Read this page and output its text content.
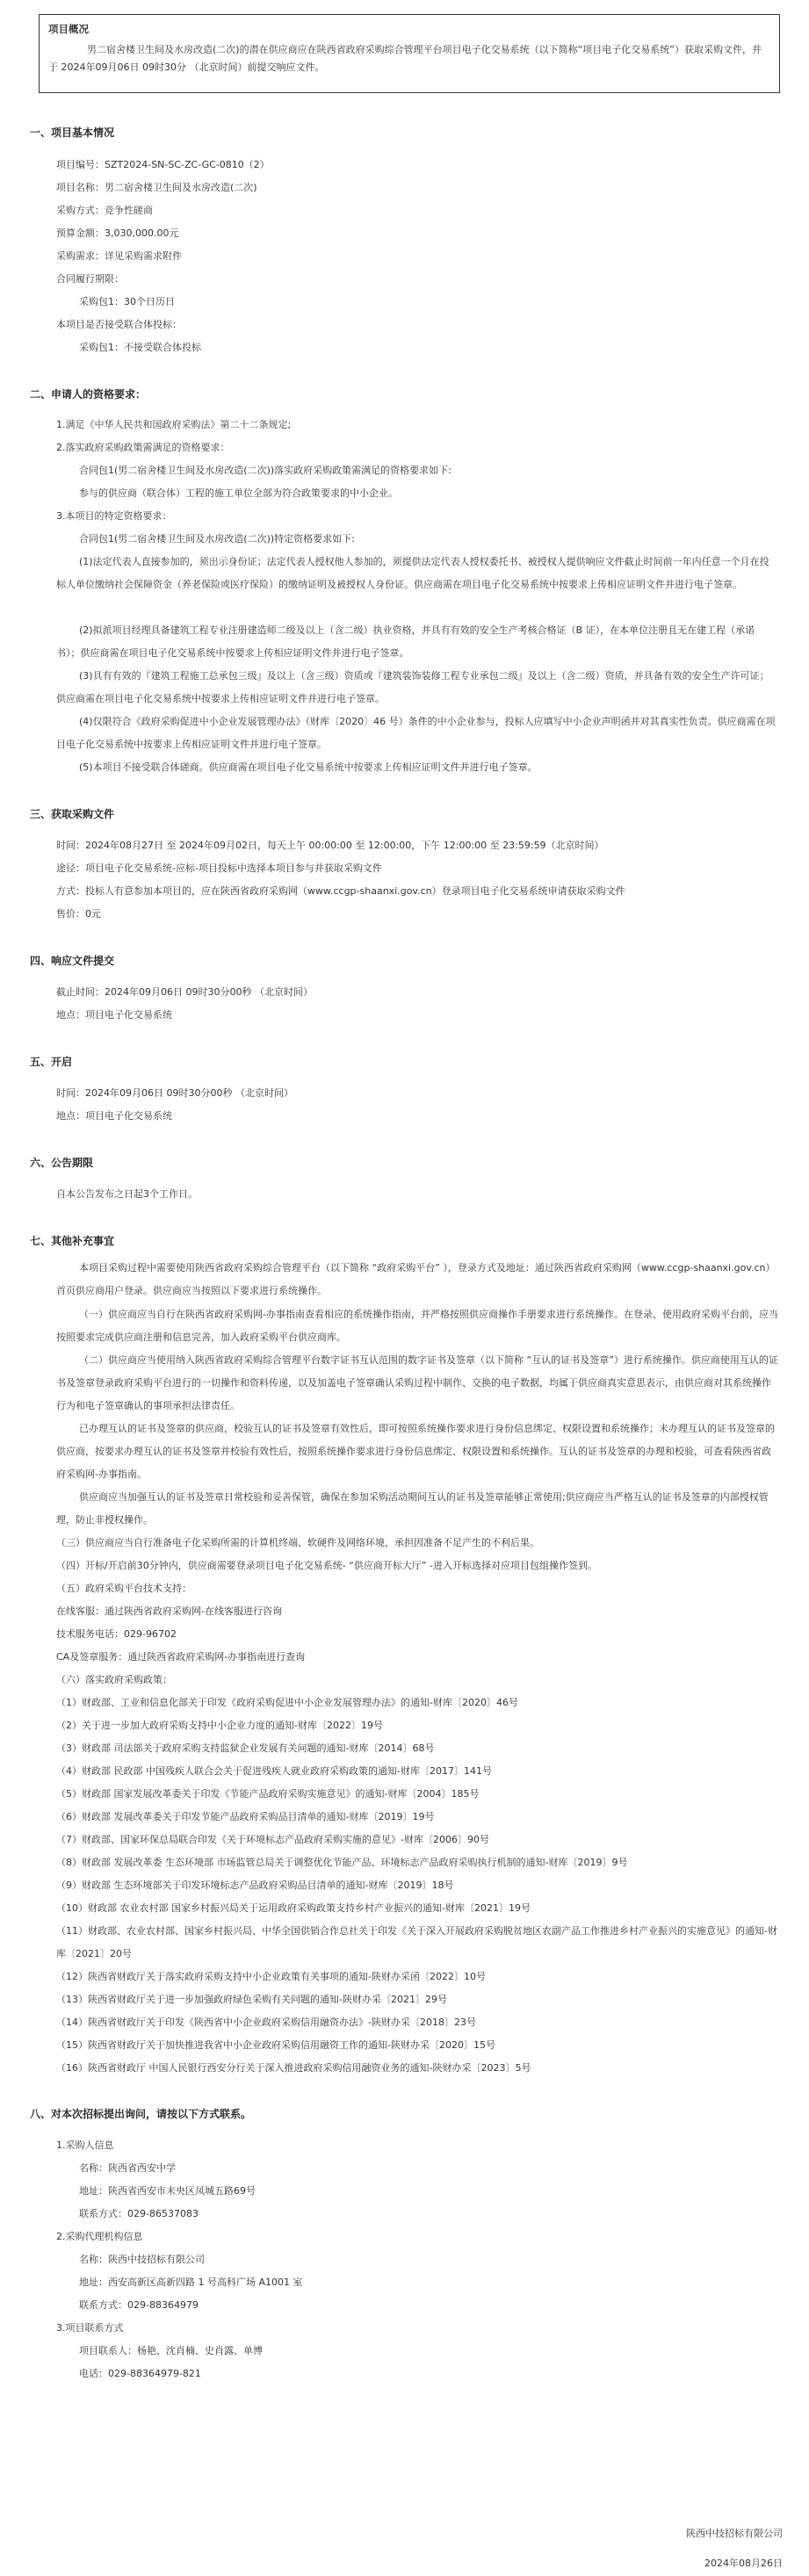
项目概况
男二宿舍楼卫生间及水房改造(二次)的潜在供应商应在陕西省政府采购综合管理平台项目电子化交易系统（以下简称“项目电子化交易系统”）获取采购文件，并于 2024年09月06日 09时30分 （北京时间）前提交响应文件。
一、项目基本情况
项目编号：SZT2024-SN-SC-ZC-GC-0810（2）
项目名称：男二宿舍楼卫生间及水房改造(二次)
采购方式：竞争性磋商
预算金额：3,030,000.00元
采购需求：详见采购需求附件
合同履行期限：
采购包1：30个日历日
本项目是否接受联合体投标：
采购包1：不接受联合体投标
二、申请人的资格要求：
1.满足《中华人民共和国政府采购法》第二十二条规定;
2.落实政府采购政策需满足的资格要求：
合同包1(男二宿舍楼卫生间及水房改造(二次))落实政府采购政策需满足的资格要求如下:
参与的供应商（联合体）工程的施工单位全部为符合政策要求的中小企业。
3.本项目的特定资格要求：
合同包1(男二宿舍楼卫生间及水房改造(二次))特定资格要求如下:
(1)法定代表人直接参加的，须出示身份证；法定代表人授权他人参加的，须提供法定代表人授权委托书、被授权人提供响应文件截止时间前一年内任意一个月在投标人单位缴纳社会保障资金（养老保险或医疗保险）的缴纳证明及被授权人身份证。供应商需在项目电子化交易系统中按要求上传相应证明文件并进行电子签章。
(2)拟派项目经理具备建筑工程专业注册建造师二级及以上（含二级）执业资格，并具有有效的安全生产考核合格证（B 证），在本单位注册且无在建工程（承诺书）；供应商需在项目电子化交易系统中按要求上传相应证明文件并进行电子签章。
(3)具有有效的『建筑工程施工总承包三级』及以上（含三级）资质或『建筑装饰装修工程专业承包二级』及以上（含二级）资质，并具备有效的安全生产许可证；供应商需在项目电子化交易系统中按要求上传相应证明文件并进行电子签章。
(4)仅限符合《政府采购促进中小企业发展管理办法》（财库〔2020〕46 号）条件的中小企业参与，投标人应填写中小企业声明函并对其真实性负责。供应商需在项目电子化交易系统中按要求上传相应证明文件并进行电子签章。
(5)本项目不接受联合体磋商。供应商需在项目电子化交易系统中按要求上传相应证明文件并进行电子签章。
三、获取采购文件
时间：2024年08月27日 至 2024年09月02日，每天上午 00:00:00 至 12:00:00，下午 12:00:00 至 23:59:59（北京时间）
途径：项目电子化交易系统-应标-项目投标中选择本项目参与并获取采购文件
方式：投标人有意参加本项目的，应在陕西省政府采购网（www.ccgp-shaanxi.gov.cn）登录项目电子化交易系统申请获取采购文件
售价：0元
四、响应文件提交
截止时间：2024年09月06日 09时30分00秒 （北京时间）
地点：项目电子化交易系统
五、开启
时间：2024年09月06日 09时30分00秒 （北京时间）
地点：项目电子化交易系统
六、公告期限
自本公告发布之日起3个工作日。
七、其他补充事宜
本项目采购过程中需要使用陕西省政府采购综合管理平台（以下简称 “政府采购平台” ），登录方式及地址：通过陕西省政府采购网（www.ccgp-shaanxi.gov.cn）首页供应商用户登录。供应商应当按照以下要求进行系统操作。
（一）供应商应当自行在陕西省政府采购网-办事指南查看相应的系统操作指南，并严格按照供应商操作手册要求进行系统操作。在登录、使用政府采购平台前，应当按照要求完成供应商注册和信息完善，加入政府采购平台供应商库。
（二）供应商应当使用纳入陕西省政府采购综合管理平台数字证书互认范围的数字证书及签章（以下简称 “互认的证书及签章”）进行系统操作。供应商使用互认的证书及签章登录政府采购平台进行的一切操作和资料传递，以及加盖电子签章确认采购过程中制作、交换的电子数据，均属于供应商真实意思表示，由供应商对其系统操作行为和电子签章确认的事项承担法律责任。
已办理互认的证书及签章的供应商，校验互认的证书及签章有效性后，即可按照系统操作要求进行身份信息绑定、权限设置和系统操作；未办理互认的证书及签章的供应商，按要求办理互认的证书及签章并校验有效性后，按照系统操作要求进行身份信息绑定、权限设置和系统操作。互认的证书及签章的办理和校验，可查看陕西省政府采购网-办事指南。
供应商应当加强互认的证书及签章日常校验和妥善保管，确保在参加采购活动期间互认的证书及签章能够正常使用;供应商应当严格互认的证书及签章的内部授权管理，防止非授权操作。
（三）供应商应当自行准备电子化采购所需的计算机终端、软硬件及网络环境，承担因准备不足产生的不利后果。
（四）开标/开启前30分钟内，供应商需要登录项目电子化交易系统- “供应商开标大厅” -进入开标选择对应项目包组操作签到。
（五）政府采购平台技术支持：
在线客服：通过陕西省政府采购网-在线客服进行咨询
技术服务电话：029-96702
CA及签章服务：通过陕西省政府采购网-办事指南进行查询
（六）落实政府采购政策：
（1）财政部、工业和信息化部关于印发《政府采购促进中小企业发展管理办法》的通知-财库〔2020〕46号
（2）关于进一步加大政府采购支持中小企业力度的通知-财库〔2022〕19号
（3）财政部 司法部关于政府采购支持监狱企业发展有关问题的通知-财库〔2014〕68号
（4）财政部 民政部 中国残疾人联合会关于促进残疾人就业政府采购政策的通知-财库〔2017〕141号
（5）财政部 国家发展改革委关于印发《节能产品政府采购实施意见》的通知-财库〔2004〕185号
（6）财政部 发展改革委关于印发节能产品政府采购品目清单的通知-财库〔2019〕19号
（7）财政部、国家环保总局联合印发《关于环境标志产品政府采购实施的意见》-财库〔2006〕90号
（8）财政部 发展改革委 生态环境部 市场监管总局关于调整优化节能产品、环境标志产品政府采购执行机制的通知-财库〔2019〕9号
（9）财政部 生态环境部关于印发环境标志产品政府采购品目清单的通知-财库〔2019〕18号
（10）财政部 农业农村部 国家乡村振兴局关于运用政府采购政策支持乡村产业振兴的通知-财库〔2021〕19号
（11）财政部、农业农村部、国家乡村振兴局、中华全国供销合作总社关于印发《关于深入开展政府采购脱贫地区农副产品工作推进乡村产业振兴的实施意见》的通知-财库〔2021〕20号
（12）陕西省财政厅关于落实政府采购支持中小企业政策有关事项的通知-陕财办采函〔2022〕10号
（13）陕西省财政厅关于进一步加强政府绿色采购有关问题的通知-陕财办采〔2021〕29号
（14）陕西省财政厅关于印发《陕西省中小企业政府采购信用融资办法》-陕财办采〔2018〕23号
（15）陕西省财政厅关于加快推进我省中小企业政府采购信用融资工作的通知-陕财办采〔2020〕15号
（16）陕西省财政厅 中国人民银行西安分行关于深入推进政府采购信用融资业务的通知-陕财办采〔2023〕5号
八、对本次招标提出询问，请按以下方式联系。
1.采购人信息
名称：陕西省西安中学
地址：陕西省西安市未央区凤城五路69号
联系方式：029-86537083
2.采购代理机构信息
名称：陕西中技招标有限公司
地址：西安高新区高新四路 1 号高科广场 A1001 室
联系方式：029-88364979
3.项目联系方式
项目联系人：杨艳、沈肖楠、史肖露、单博
电话：029-88364979-821
陕西中技招标有限公司
2024年08月26日
